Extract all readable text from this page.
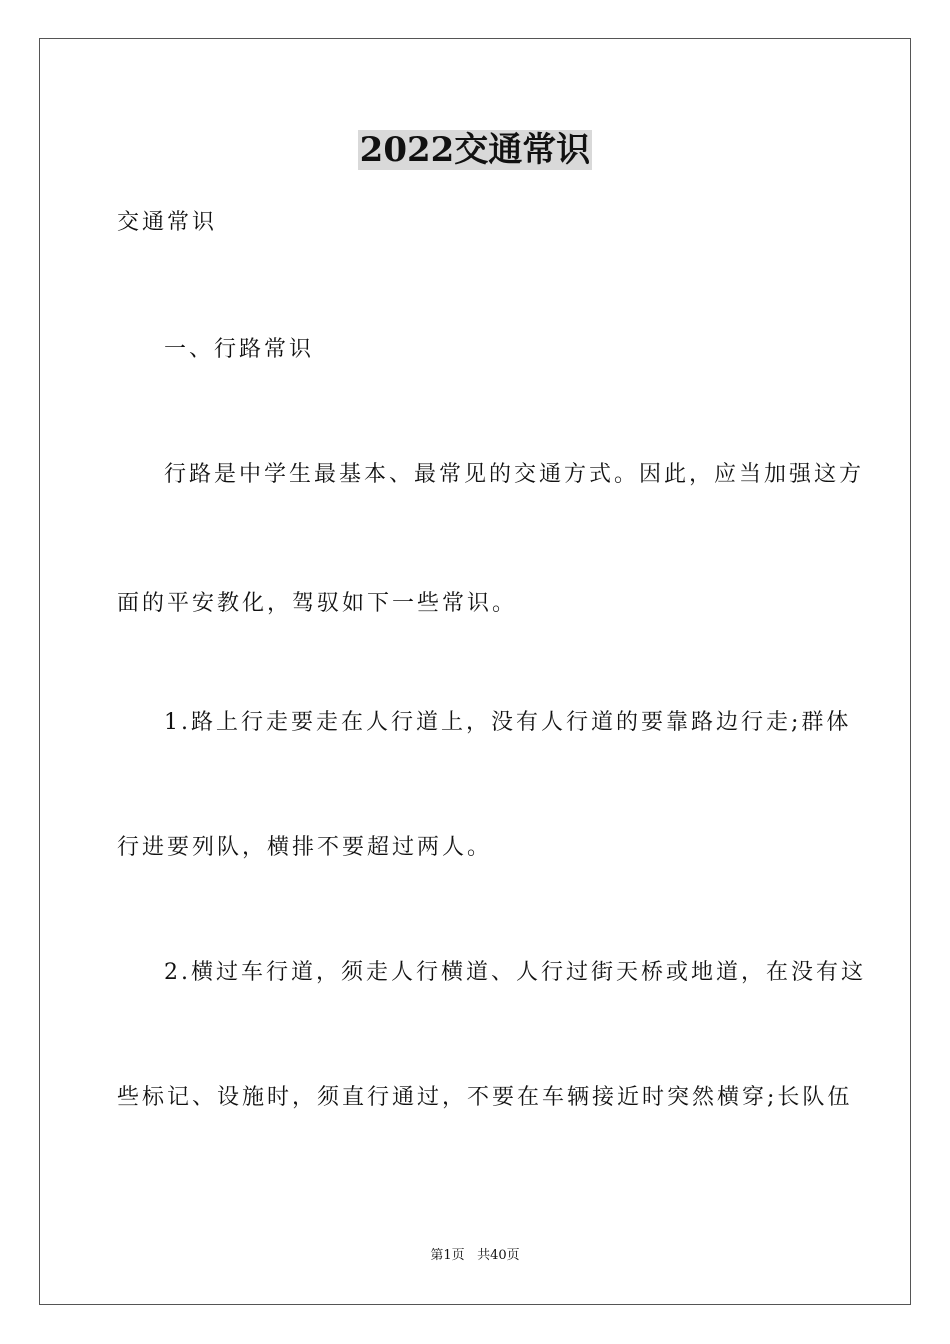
2022交通常识
交通常识
一、行路常识
行路是中学生最基本、最常见的交通方式。因此，应当加强这方
面的平安教化，驾驭如下一些常识。
1.路上行走要走在人行道上，没有人行道的要靠路边行走;群体
行进要列队，横排不要超过两人。
2.横过车行道，须走人行横道、人行过街天桥或地道，在没有这
些标记、设施时，须直行通过，不要在车辆接近时突然横穿;长队伍
第1页 共40页
